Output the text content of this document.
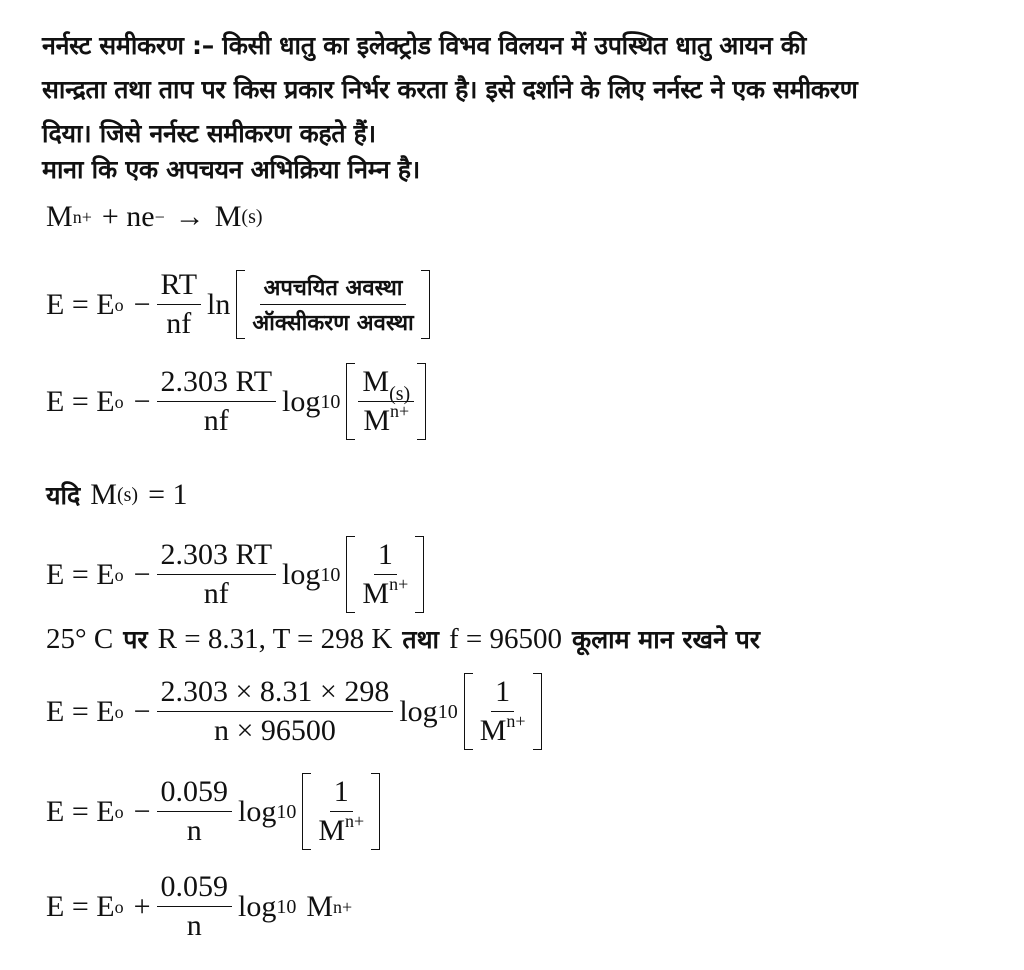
नर्नस्ट समीकरण :– किसी धातु का इलेक्ट्रोड विभव विलयन में उपस्थित धातु आयन की
सान्द्रता तथा ताप पर किस प्रकार निर्भर करता है। इसे दर्शाने के लिए नर्नस्ट ने एक समीकरण
दिया। जिसे नर्नस्ट समीकरण कहते हैं।
माना कि एक अपचयन अभिक्रिया निम्न है।
M n+ + ne − → M (s)
E = E $o - \frac{RT}{nf}$ $\ln \frac{\text{अपचयित अवस्था}}{\text{ऑक्सीकरण अवस्था}}$
E = E $o - \frac{2.303 RT}{nf}$ $\log 10 \frac{M_{(s)}}{M^{n+}}$
यदि M (s) = 1
E = E $o - \frac{2.303 RT}{nf}$ $\log 10 \frac{1}{M^{n+}}$
25° C पर R = 8.31, T = 298 K तथा f = 96500 कूलाम मान रखने पर
E = E $o - \frac{2.303 \times 8.31 \times 298}{n \times 96500}$ $\log 10 \frac{1}{M^{n+}}$
E = E $o - \frac{0.059}{n}$ $\log 10 \frac{1}{M^{n+}}$
E = E $o + \frac{0.059}{n}$ log 10 M n+
